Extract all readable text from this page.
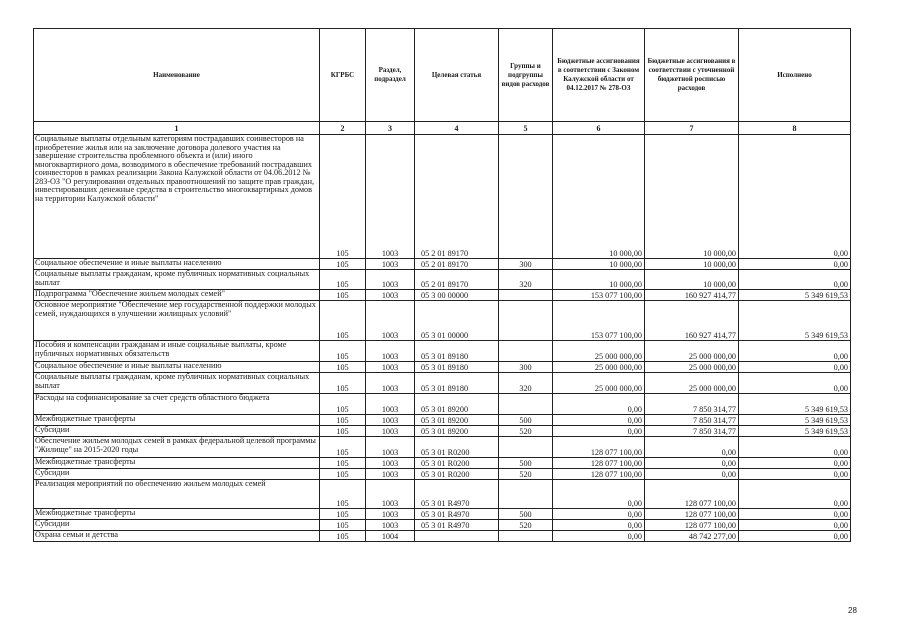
Наименование	КГРБС	Раздел, подраздел	Целевая статья	Группы и подгруппы видов расходов	Бюджетные ассигнования в соответствии с Законом Калужской области от 04.12.2017 № 278-ОЗ	Бюджетные ассигнования в соответствии с уточненной бюджетной росписью расходов	Исполнено
1	2	3	4	5	6	7	8
Социальные выплаты отдельным категориям пострадавших соинвесторов на приобретение жилья или на заключение договора долевого участия на завершение строительства проблемного объекта и (или) иного многоквартирного дома, возводимого в обеспечение требований пострадавших соинвесторов в рамках реализации Закона Калужской области от 04.06.2012 № 283-ОЗ "О регулировании отдельных правоотношений по защите прав граждан, инвестировавших денежные средства в строительство многоквартирных домов на территории Калужской области"	105	1003	05 2 01 89170		10 000,00	10 000,00	0,00
Социальное обеспечение и иные выплаты населению	105	1003	05 2 01 89170	300	10 000,00	10 000,00	0,00
Социальные выплаты гражданам, кроме публичных нормативных социальных выплат	105	1003	05 2 01 89170	320	10 000,00	10 000,00	0,00
Подпрограмма "Обеспечение жильем молодых семей"	105	1003	05 3 00 00000		153 077 100,00	160 927 414,77	5 349 619,53
Основное мероприятие "Обеспечение мер государственной поддержки молодых семей, нуждающихся в улучшении жилищных условий"	105	1003	05 3 01 00000		153 077 100,00	160 927 414,77	5 349 619,53
Пособия и компенсации гражданам и иные социальные выплаты, кроме публичных нормативных обязательств	105	1003	05 3 01 89180		25 000 000,00	25 000 000,00	0,00
Социальное обеспечение и иные выплаты населению	105	1003	05 3 01 89180	300	25 000 000,00	25 000 000,00	0,00
Социальные выплаты гражданам, кроме публичных нормативных социальных выплат	105	1003	05 3 01 89180	320	25 000 000,00	25 000 000,00	0,00
Расходы на софинансирование за счет средств областного бюджета	105	1003	05 3 01 89200		0,00	7 850 314,77	5 349 619,53
Межбюджетные трансферты	105	1003	05 3 01 89200	500	0,00	7 850 314,77	5 349 619,53
Субсидии	105	1003	05 3 01 89200	520	0,00	7 850 314,77	5 349 619,53
Обеспечение жильем молодых семей в рамках федеральной целевой программы "Жилище" на 2015-2020 годы	105	1003	05 3 01 R0200		128 077 100,00	0,00	0,00
Межбюджетные трансферты	105	1003	05 3 01 R0200	500	128 077 100,00	0,00	0,00
Субсидии	105	1003	05 3 01 R0200	520	128 077 100,00	0,00	0,00
Реализация мероприятий по обеспечению жильем молодых семей	105	1003	05 3 01 R4970		0,00	128 077 100,00	0,00
Межбюджетные трансферты	105	1003	05 3 01 R4970	500	0,00	128 077 100,00	0,00
Субсидии	105	1003	05 3 01 R4970	520	0,00	128 077 100,00	0,00
Охрана семьи и детства	105	1004			0,00	48 742 277,00	0,00
28
